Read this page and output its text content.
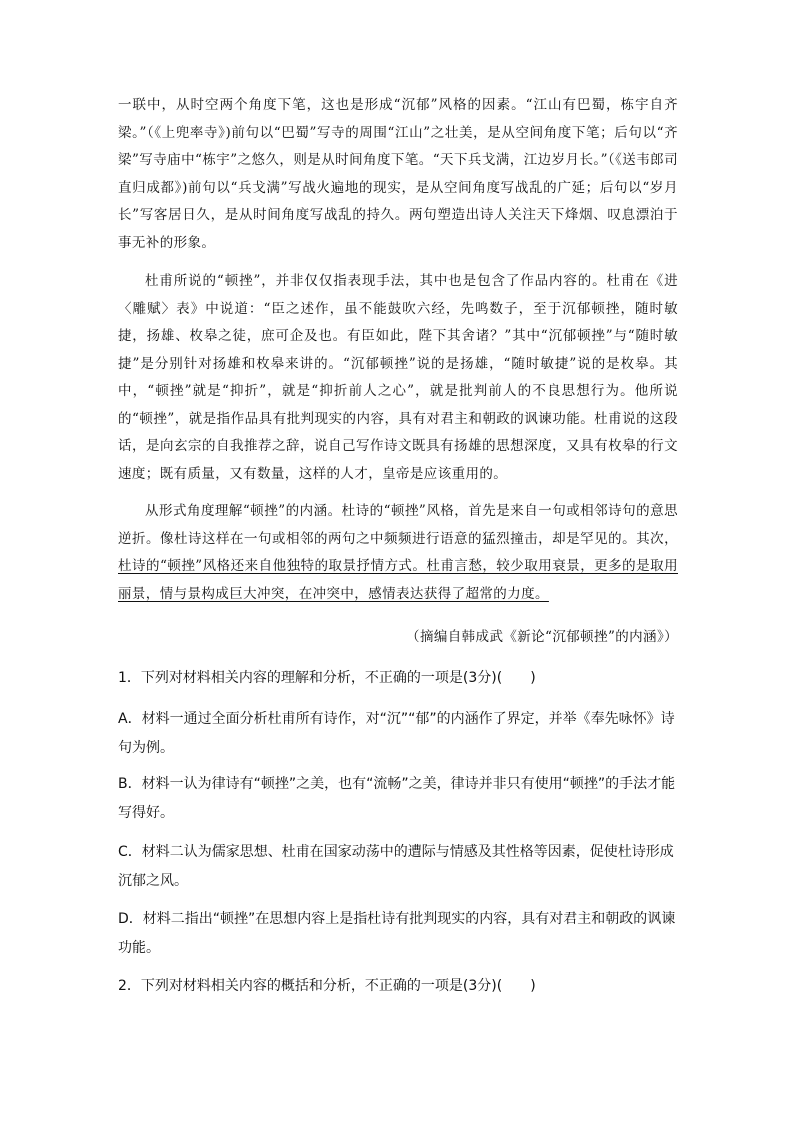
一联中，从时空两个角度下笔，这也是形成“沉郁”风格的因素。“江山有巴蜀，栋宇自齐梁。”（《上兜率寺》)前句以“巴蜀”写寺的周围“江山”之壮美，是从空间角度下笔；后句以“齐梁”写寺庙中“栋宇”之悠久，则是从时间角度下笔。“天下兵戈满，江边岁月长。”（《送韦郎司直归成都》)前句以“兵戈满”写战火遍地的现实，是从空间角度写战乱的广延；后句以“岁月长”写客居日久，是从时间角度写战乱的持久。两句塑造出诗人关注天下烽烟、叹息漂泊于事无补的形象。

杜甫所说的“顿挫”，并非仅仅指表现手法，其中也是包含了作品内容的。杜甫在《进〈雕赋〉表》中说道：“臣之述作，虽不能鼓吹六经，先鸣数子，至于沉郁顿挫，随时敏捷，扬雄、枚皋之徒，庶可企及也。有臣如此，陛下其舍诸？”其中“沉郁顿挫”与“随时敏捷”是分别针对扬雄和枚皋来讲的。“沉郁顿挫”说的是扬雄，“随时敏捷”说的是枚皋。其中，“顿挫”就是“抑折”，就是“抑折前人之心”，就是批判前人的不良思想行为。他所说的“顿挫”，就是指作品具有批判现实的内容，具有对君主和朝政的讽谏功能。杜甫说的这段话，是向玄宗的自我推荐之辞，说自己写作诗文既具有扬雄的思想深度，又具有枚皋的行文速度；既有质量，又有数量，这样的人才，皇帝是应该重用的。

从形式角度理解“顿挫”的内涵。杜诗的“顿挫”风格，首先是来自一句或相邻诗句的意思逆折。像杜诗这样在一句或相邻的两句之中频频进行语意的猛烈撞击，却是罕见的。其次，杜诗的“顿挫”风格还来自他独特的取景抒情方式。杜甫言愁，较少取用衰景，更多的是取用丽景，情与景构成巨大冲突，在冲突中，感情表达获得了超常的力度。

（摘编自韩成武《新论“沉郁顿挫”的内涵》）

1．下列对材料相关内容的理解和分析，不正确的一项是(3分)(　　)

A．材料一通过全面分析杜甫所有诗作，对“沉”“郁”的内涵作了界定，并举《奉先咏怀》诗句为例。

B．材料一认为律诗有“顿挫”之美，也有“流畅”之美，律诗并非只有使用“顿挫”的手法才能写得好。

C．材料二认为儒家思想、杜甫在国家动荡中的遭际与情感及其性格等因素，促使杜诗形成沉郁之风。

D．材料二指出“顿挫”在思想内容上是指杜诗有批判现实的内容，具有对君主和朝政的讽谏功能。

2．下列对材料相关内容的概括和分析，不正确的一项是(3分)(　　)
